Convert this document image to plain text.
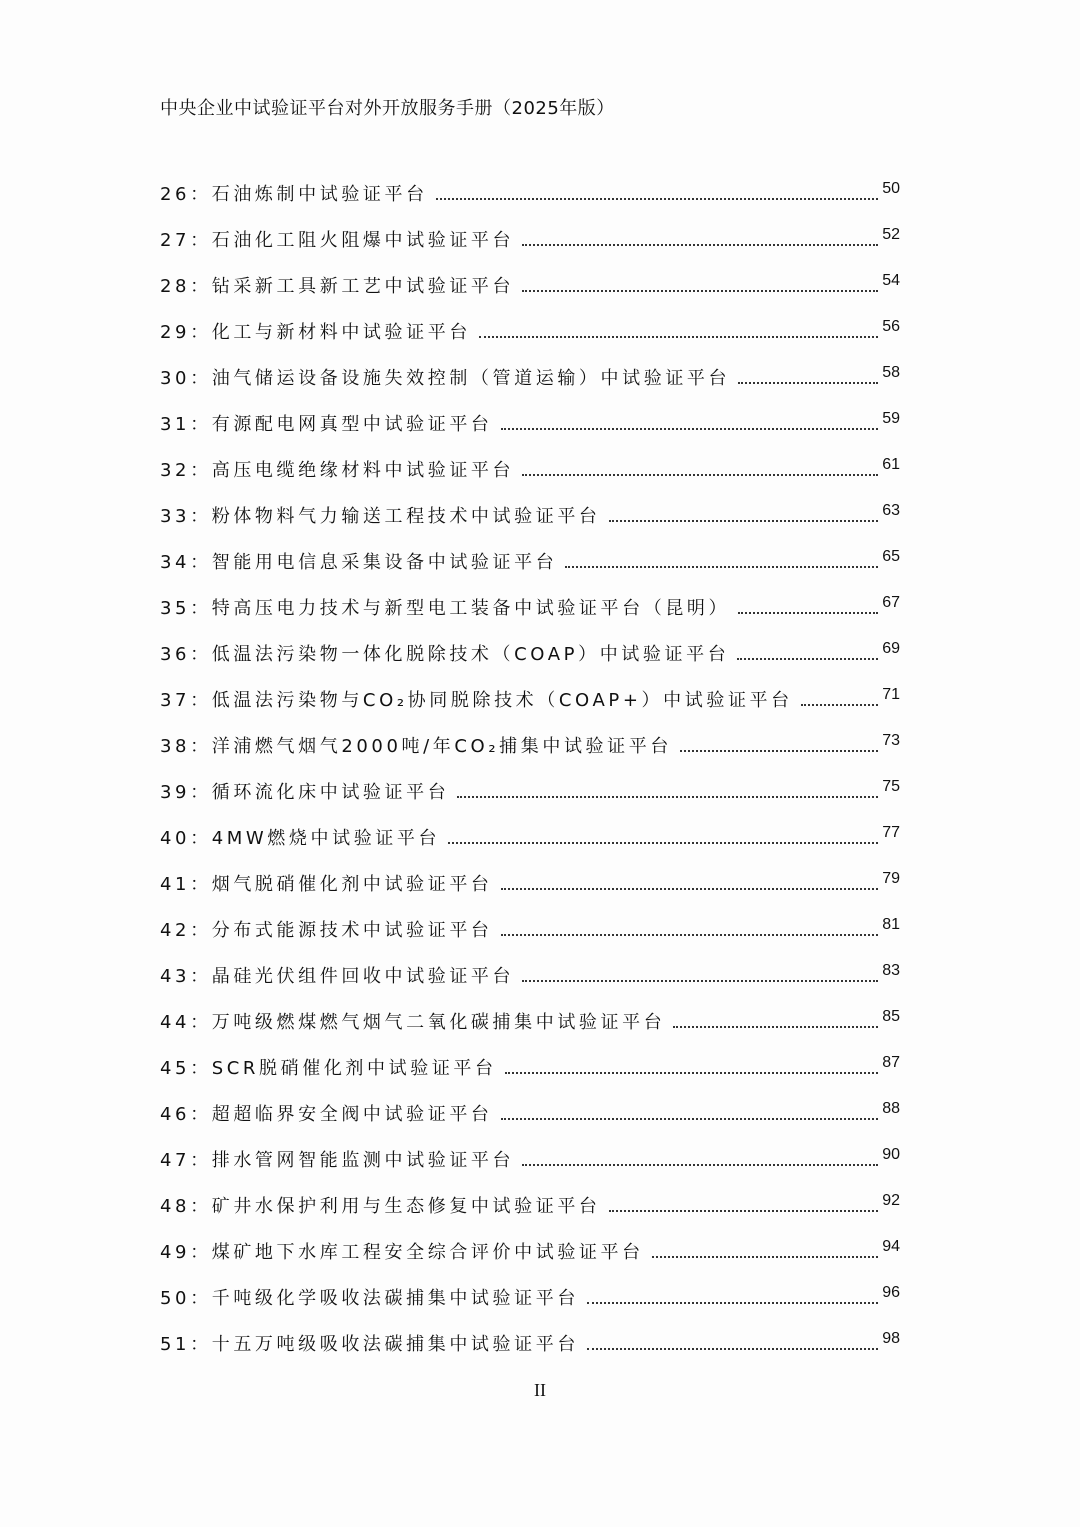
中央企业中试验证平台对外开放服务手册（2025年版）
26： 石油炼制中试验证平台	50
27： 石油化工阻火阻爆中试验证平台	52
28： 钻采新工具新工艺中试验证平台	54
29： 化工与新材料中试验证平台	56
30： 油气储运设备设施失效控制（管道运输）中试验证平台	58
31： 有源配电网真型中试验证平台	59
32： 高压电缆绝缘材料中试验证平台	61
33： 粉体物料气力输送工程技术中试验证平台	63
34： 智能用电信息采集设备中试验证平台	65
35： 特高压电力技术与新型电工装备中试验证平台（昆明）	67
36： 低温法污染物一体化脱除技术（COAP）中试验证平台	69
37： 低温法污染物与CO₂协同脱除技术（COAP+）中试验证平台	71
38： 洋浦燃气烟气2000吨/年CO₂捕集中试验证平台	73
39： 循环流化床中试验证平台	75
40： 4MW燃烧中试验证平台	77
41： 烟气脱硝催化剂中试验证平台	79
42： 分布式能源技术中试验证平台	81
43： 晶硅光伏组件回收中试验证平台	83
44： 万吨级燃煤燃气烟气二氧化碳捕集中试验证平台	85
45： SCR脱硝催化剂中试验证平台	87
46： 超超临界安全阀中试验证平台	88
47： 排水管网智能监测中试验证平台	90
48： 矿井水保护利用与生态修复中试验证平台	92
49： 煤矿地下水库工程安全综合评价中试验证平台	94
50： 千吨级化学吸收法碳捕集中试验证平台	96
51： 十五万吨级吸收法碳捕集中试验证平台	98
II
